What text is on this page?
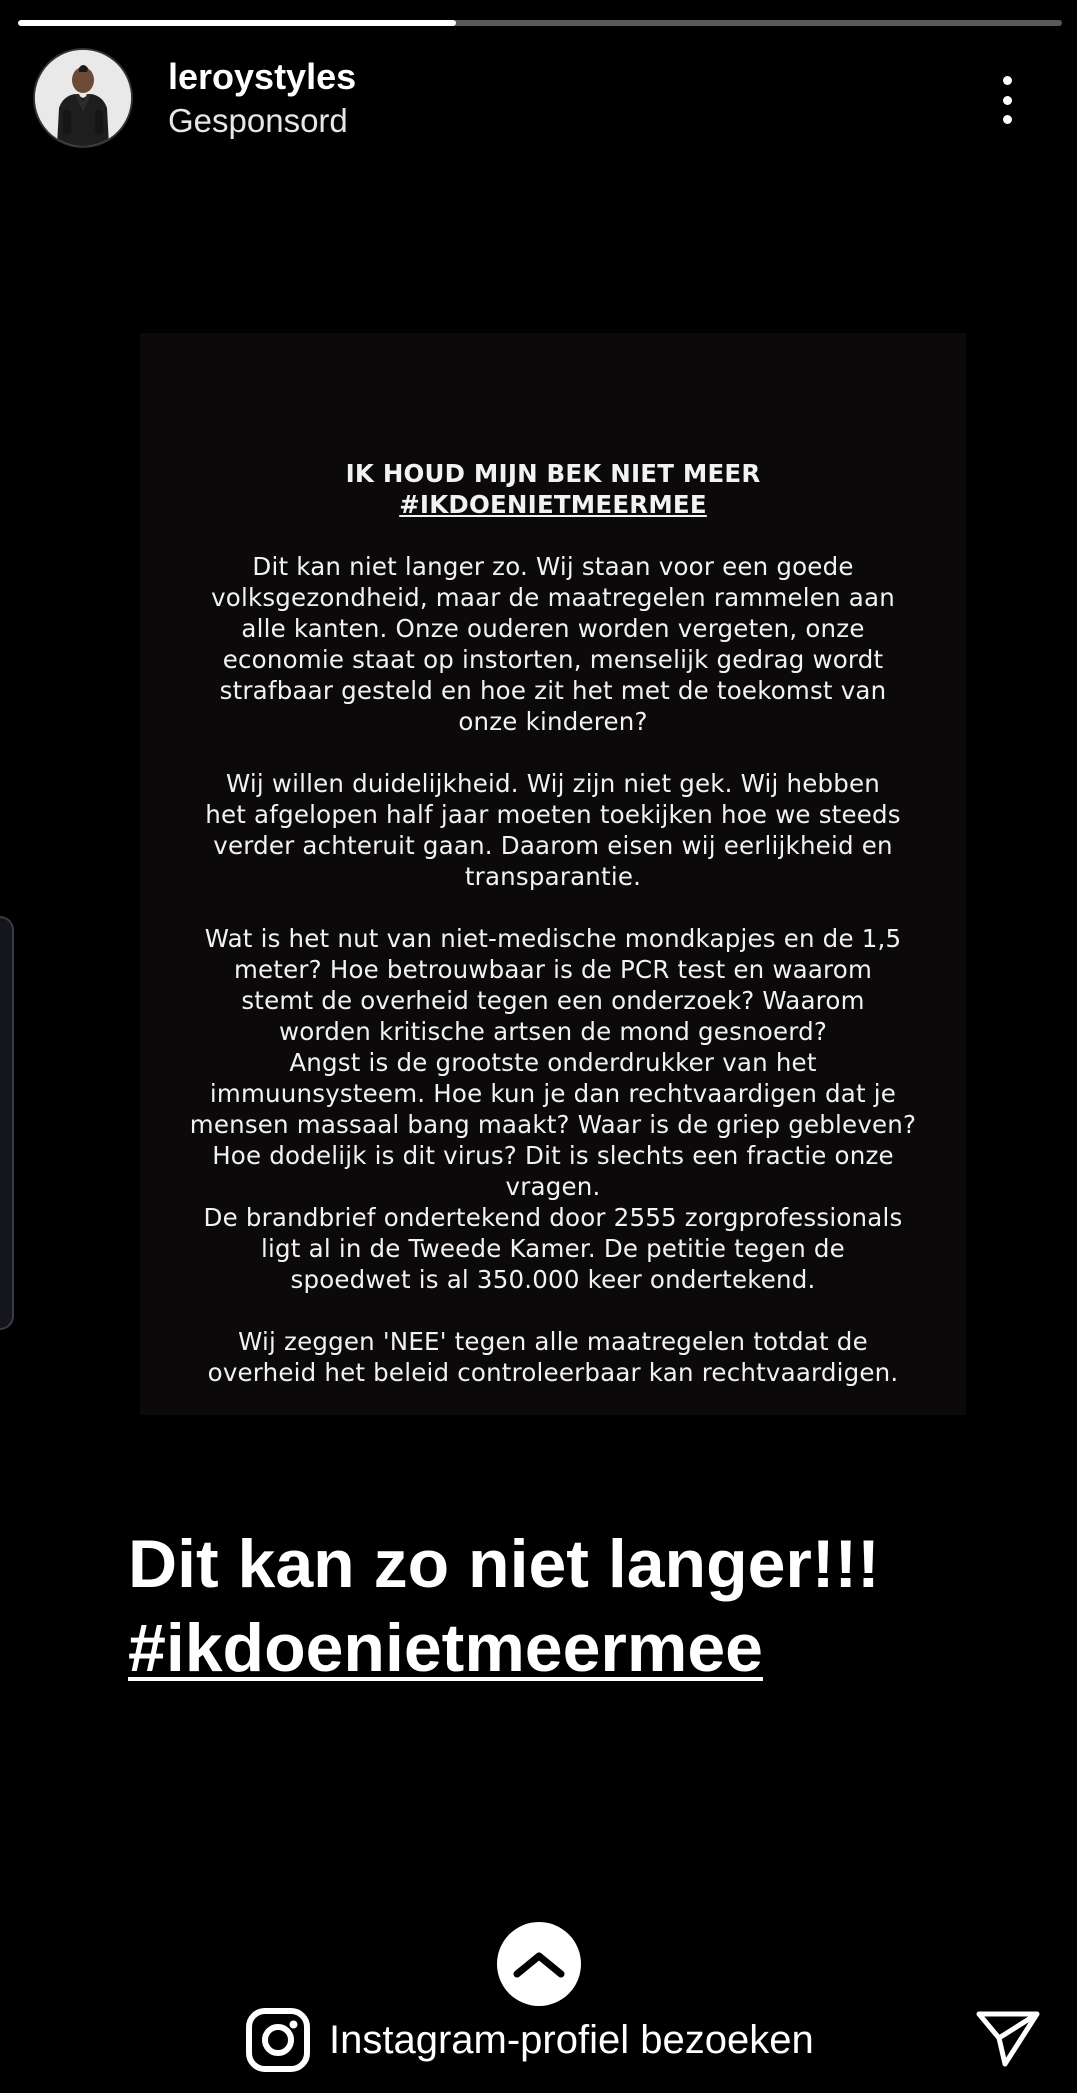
leroystyles
Gesponsord

IK HOUD MIJN BEK NIET MEER

#IKDOENIETMEERMEE

Dit kan niet langer zo. Wij staan voor een goede
volksgezondheid, maar de maatregelen rammelen aan
alle kanten. Onze ouderen worden vergeten, onze
economie staat op instorten, menselijk gedrag wordt
strafbaar gesteld en hoe zit het met de toekomst van
onze kinderen?

Wij willen duidelijkheid. Wij zijn niet gek. Wij hebben
het afgelopen half jaar moeten toekijken hoe we steeds
verder achteruit gaan. Daarom eisen wij eerlijkheid en
transparantie.

Wat is het nut van niet-medische mondkapjes en de 1,5
meter? Hoe betrouwbaar is de PCR test en waarom
stemt de overheid tegen een onderzoek? Waarom
worden kritische artsen de mond gesnoerd?
Angst is de grootste onderdrukker van het
immuunsysteem. Hoe kun je dan rechtvaardigen dat je
mensen massaal bang maakt? Waar is de griep gebleven?
Hoe dodelijk is dit virus? Dit is slechts een fractie onze
vragen.
De brandbrief ondertekend door 2555 zorgprofessionals
ligt al in de Tweede Kamer. De petitie tegen de
spoedwet is al 350.000 keer ondertekend.

Wij zeggen 'NEE' tegen alle maatregelen totdat de
overheid het beleid controleerbaar kan rechtvaardigen.

Dit kan zo niet langer!!!
#ikdoenietmeermee
Instagram-profiel bezoeken
